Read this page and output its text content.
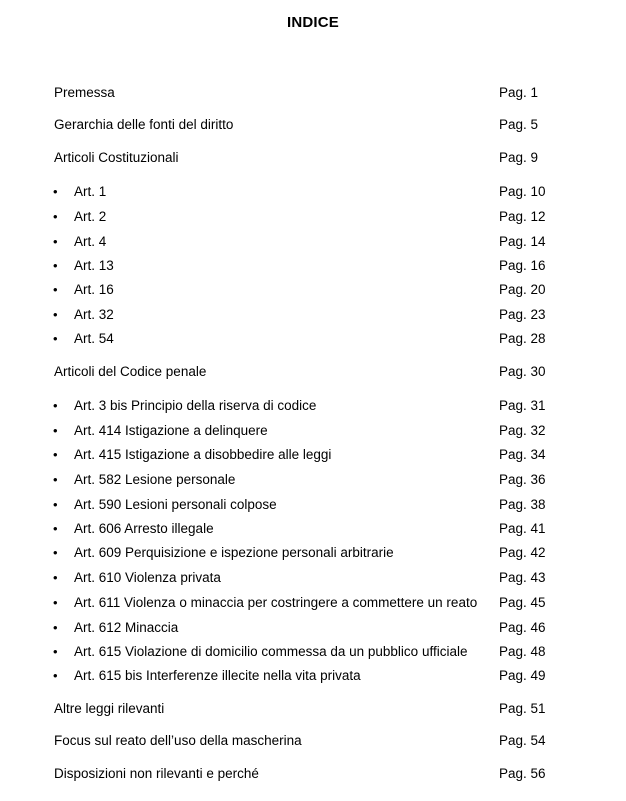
INDICE
Premessa	Pag. 1
Gerarchia delle fonti del diritto	Pag. 5
Articoli Costituzionali	Pag. 9
• Art. 1	Pag. 10
• Art. 2	Pag. 12
• Art. 4	Pag. 14
• Art. 13	Pag. 16
• Art. 16	Pag. 20
• Art. 32	Pag. 23
• Art. 54	Pag. 28
Articoli del Codice penale	Pag. 30
• Art. 3 bis Principio della riserva di codice	Pag. 31
• Art. 414 Istigazione a delinquere	Pag. 32
• Art. 415 Istigazione a disobbedire alle leggi	Pag. 34
• Art. 582 Lesione personale	Pag. 36
• Art. 590 Lesioni personali colpose	Pag. 38
• Art. 606 Arresto illegale	Pag. 41
• Art. 609 Perquisizione e ispezione personali arbitrarie	Pag. 42
• Art. 610 Violenza privata	Pag. 43
• Art. 611 Violenza o minaccia per costringere a commettere un reato Pag. 45
• Art. 612 Minaccia	Pag. 46
• Art. 615 Violazione di domicilio commessa da un pubblico ufficiale Pag. 48
• Art. 615 bis Interferenze illecite nella vita privata	Pag. 49
Altre leggi rilevanti	Pag. 51
Focus sul reato dell’uso della mascherina	Pag. 54
Disposizioni non rilevanti e perché	Pag. 56
